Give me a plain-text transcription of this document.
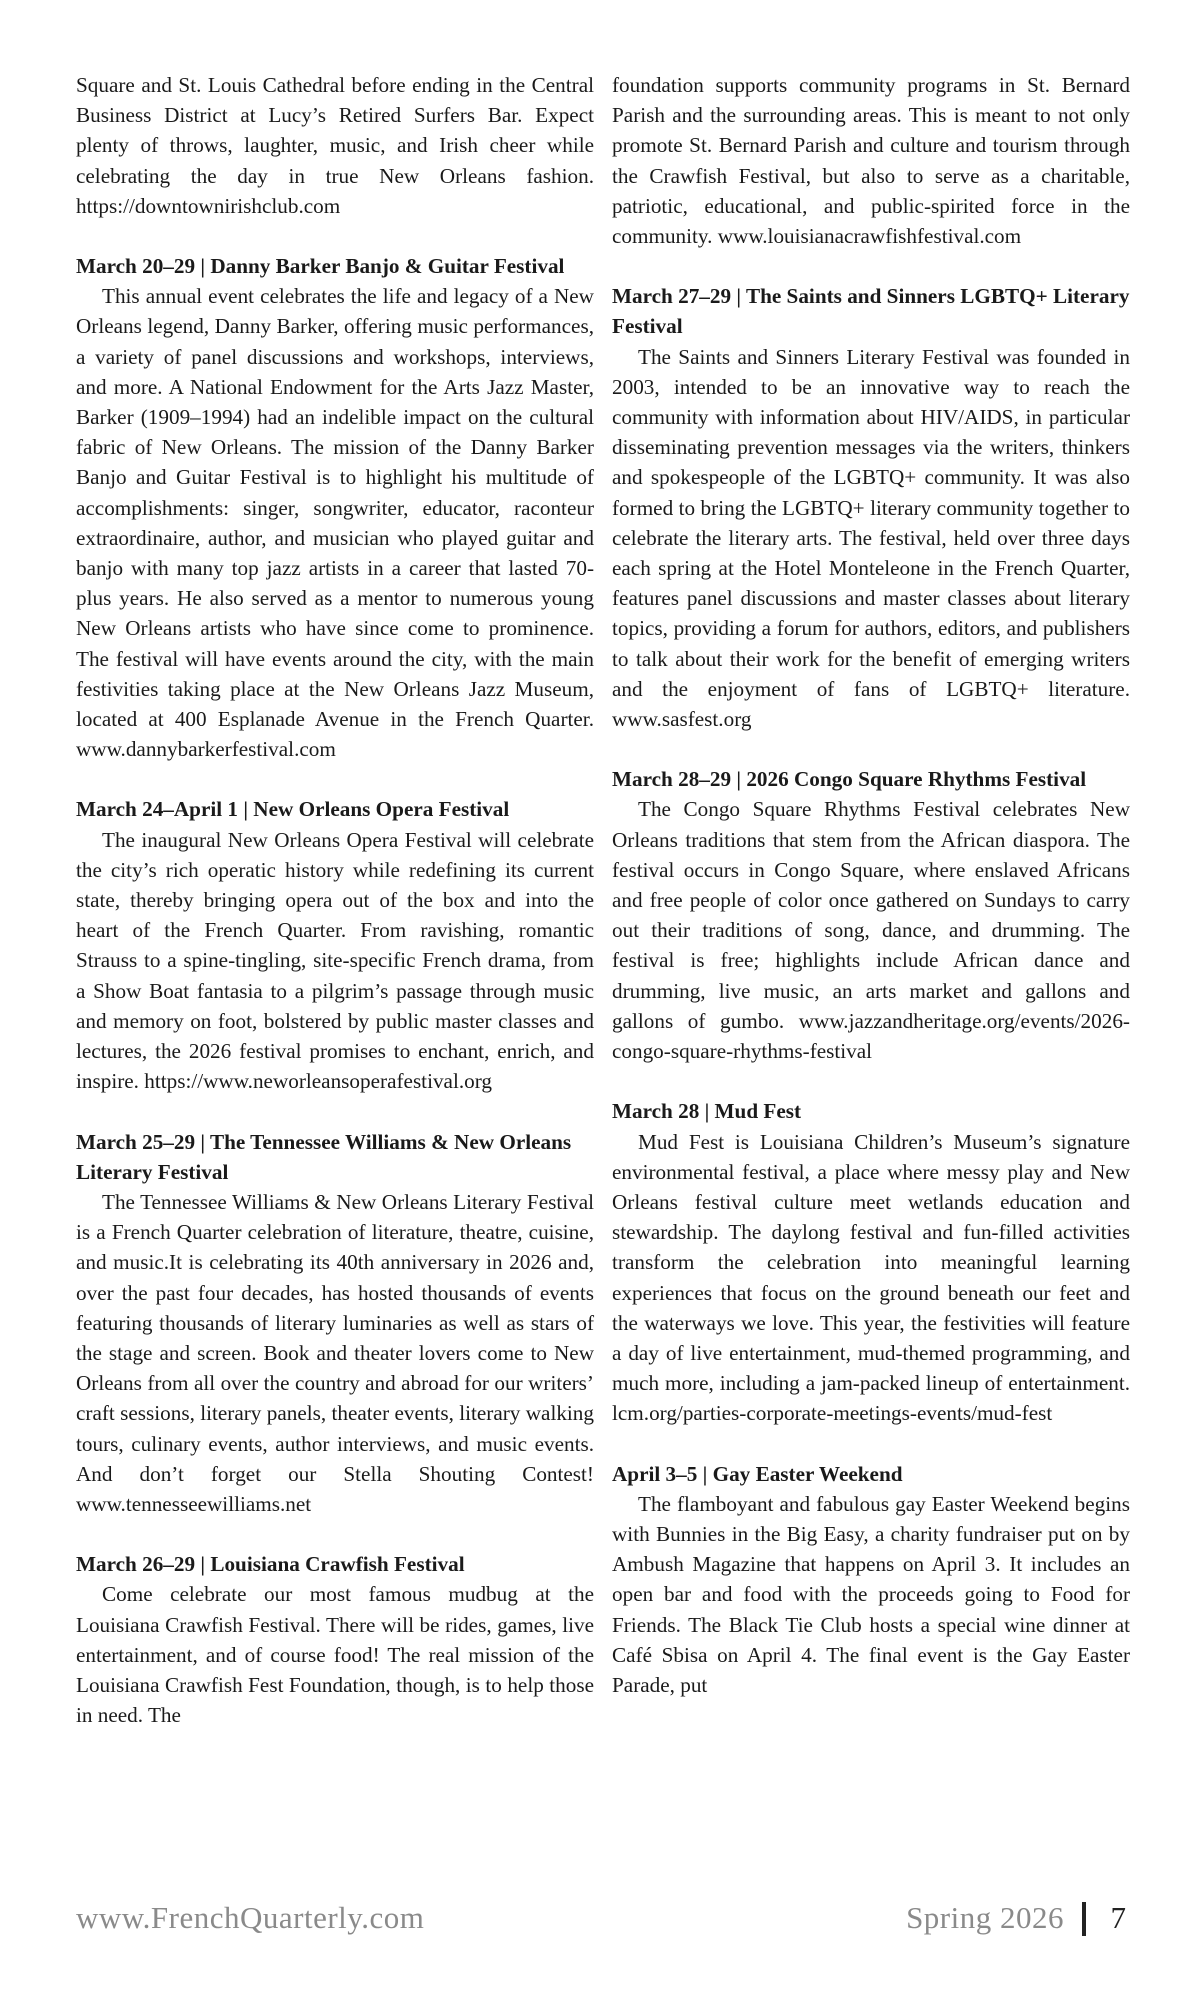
Square and St. Louis Cathedral before ending in the Central Business District at Lucy’s Retired Surfers Bar. Expect plenty of throws, laughter, music, and Irish cheer while celebrating the day in true New Orleans fashion. https://downtownirishclub.com

March 20–29 | Danny Barker Banjo & Guitar Festival

This annual event celebrates the life and legacy of a New Orleans legend, Danny Barker, offering music performances, a variety of panel discussions and workshops, interviews, and more. A National Endowment for the Arts Jazz Master, Barker (1909–1994) had an indelible impact on the cultural fabric of New Orleans. The mission of the Danny Barker Banjo and Guitar Festival is to highlight his multitude of accomplishments: singer, songwriter, educator, raconteur extraordinaire, author, and musician who played guitar and banjo with many top jazz artists in a career that lasted 70-plus years. He also served as a mentor to numerous young New Orleans artists who have since come to prominence. The festival will have events around the city, with the main festivities taking place at the New Orleans Jazz Museum, located at 400 Esplanade Avenue in the French Quarter. www.dannybarkerfestival.com

March 24–April 1 | New Orleans Opera Festival

The inaugural New Orleans Opera Festival will celebrate the city’s rich operatic history while redefining its current state, thereby bringing opera out of the box and into the heart of the French Quarter. From ravishing, romantic Strauss to a spine-tingling, site-specific French drama, from a Show Boat fantasia to a pilgrim’s passage through music and memory on foot, bolstered by public master classes and lectures, the 2026 festival promises to enchant, enrich, and inspire. https://www.neworleansoperafestival.org

March 25–29 | The Tennessee Williams & New Orleans Literary Festival

The Tennessee Williams & New Orleans Literary Festival is a French Quarter celebration of literature, theatre, cuisine, and music.It is celebrating its 40th anniversary in 2026 and, over the past four decades, has hosted thousands of events featuring thousands of literary luminaries as well as stars of the stage and screen. Book and theater lovers come to New Orleans from all over the country and abroad for our writers’ craft sessions, literary panels, theater events, literary walking tours, culinary events, author interviews, and music events. And don’t forget our Stella Shouting Contest! www.tennesseewilliams.net

March 26–29 | Louisiana Crawfish Festival

Come celebrate our most famous mudbug at the Louisiana Crawfish Festival. There will be rides, games, live entertainment, and of course food! The real mission of the Louisiana Crawfish Fest Foundation, though, is to help those in need. The

foundation supports community programs in St. Bernard Parish and the surrounding areas. This is meant to not only promote St. Bernard Parish and culture and tourism through the Crawfish Festival, but also to serve as a charitable, patriotic, educational, and public-spirited force in the community. www.louisianacrawfishfestival.com

March 27–29 | The Saints and Sinners LGBTQ+ Literary Festival

The Saints and Sinners Literary Festival was founded in 2003, intended to be an innovative way to reach the community with information about HIV/AIDS, in particular disseminating prevention messages via the writers, thinkers and spokespeople of the LGBTQ+ community. It was also formed to bring the LGBTQ+ literary community together to celebrate the literary arts. The festival, held over three days each spring at the Hotel Monteleone in the French Quarter, features panel discussions and master classes about literary topics, providing a forum for authors, editors, and publishers to talk about their work for the benefit of emerging writers and the enjoyment of fans of LGBTQ+ literature. www.sasfest.org

March 28–29 | 2026 Congo Square Rhythms Festival

The Congo Square Rhythms Festival celebrates New Orleans traditions that stem from the African diaspora. The festival occurs in Congo Square, where enslaved Africans and free people of color once gathered on Sundays to carry out their traditions of song, dance, and drumming. The festival is free; highlights include African dance and drumming, live music, an arts market and gallons and gallons of gumbo. www.jazzandheritage.org/events/2026-congo-square-rhythms-festival

March 28 | Mud Fest

Mud Fest is Louisiana Children’s Museum’s signature environmental festival, a place where messy play and New Orleans festival culture meet wetlands education and stewardship. The daylong festival and fun-filled activities transform the celebration into meaningful learning experiences that focus on the ground beneath our feet and the waterways we love. This year, the festivities will feature a day of live entertainment, mud-themed programming, and much more, including a jam-packed lineup of entertainment. lcm.org/parties-corporate-meetings-events/mud-fest

April 3–5 | Gay Easter Weekend

The flamboyant and fabulous gay Easter Weekend begins with Bunnies in the Big Easy, a charity fundraiser put on by Ambush Magazine that happens on April 3. It includes an open bar and food with the proceeds going to Food for Friends. The Black Tie Club hosts a special wine dinner at Café Sbisa on April 4. The final event is the Gay Easter Parade, put

www.FrenchQuarterly.com	Spring 2026 7
